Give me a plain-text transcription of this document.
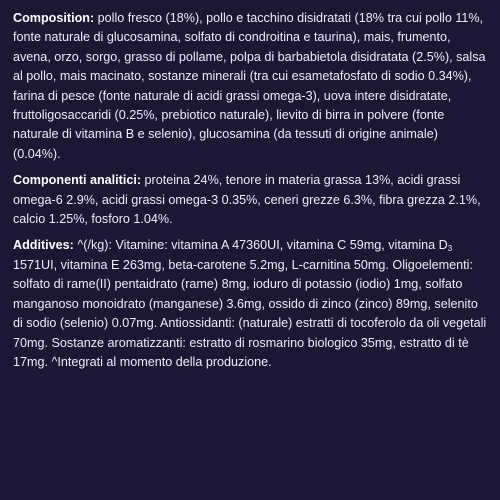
Composition: pollo fresco (18%), pollo e tacchino disidratati (18% tra cui pollo 11%, fonte naturale di glucosamina, solfato di condroitina e taurina), mais, frumento, avena, orzo, sorgo, grasso di pollame, polpa di barbabietola disidratata (2.5%), salsa al pollo, mais macinato, sostanze minerali (tra cui esametafosfato di sodio 0.34%), farina di pesce (fonte naturale di acidi grassi omega-3), uova intere disidratate, fruttoligosaccaridi (0.25%, prebiotico naturale), lievito di birra in polvere (fonte naturale di vitamina B e selenio), glucosamina (da tessuti di origine animale) (0.04%).

Componenti analitici: proteina 24%, tenore in materia grassa 13%, acidi grassi omega-6 2.9%, acidi grassi omega-3 0.35%, ceneri grezze 6.3%, fibra grezza 2.1%, calcio 1.25%, fosforo 1.04%.

Additives: ^(/kg): Vitamine: vitamina A 47360UI, vitamina C 59mg, vitamina $D_3$ 1571UI, vitamina E 263mg, beta-carotene 5.2mg, L-carnitina 50mg. Oligoelementi: solfato di rame(II) pentaidrato (rame) 8mg, ioduro di potassio (iodio) 1mg, solfato manganoso monoidrato (manganese) 3.6mg, ossido di zinco (zinco) 89mg, selenito di sodio (selenio) 0.07mg. Antiossidanti: (naturale) estratti di tocoferolo da oli vegetali 70mg. Sostanze aromatizzanti: estratto di rosmarino biologico 35mg, estratto di tè 17mg. ^Integrati al momento della produzione.
